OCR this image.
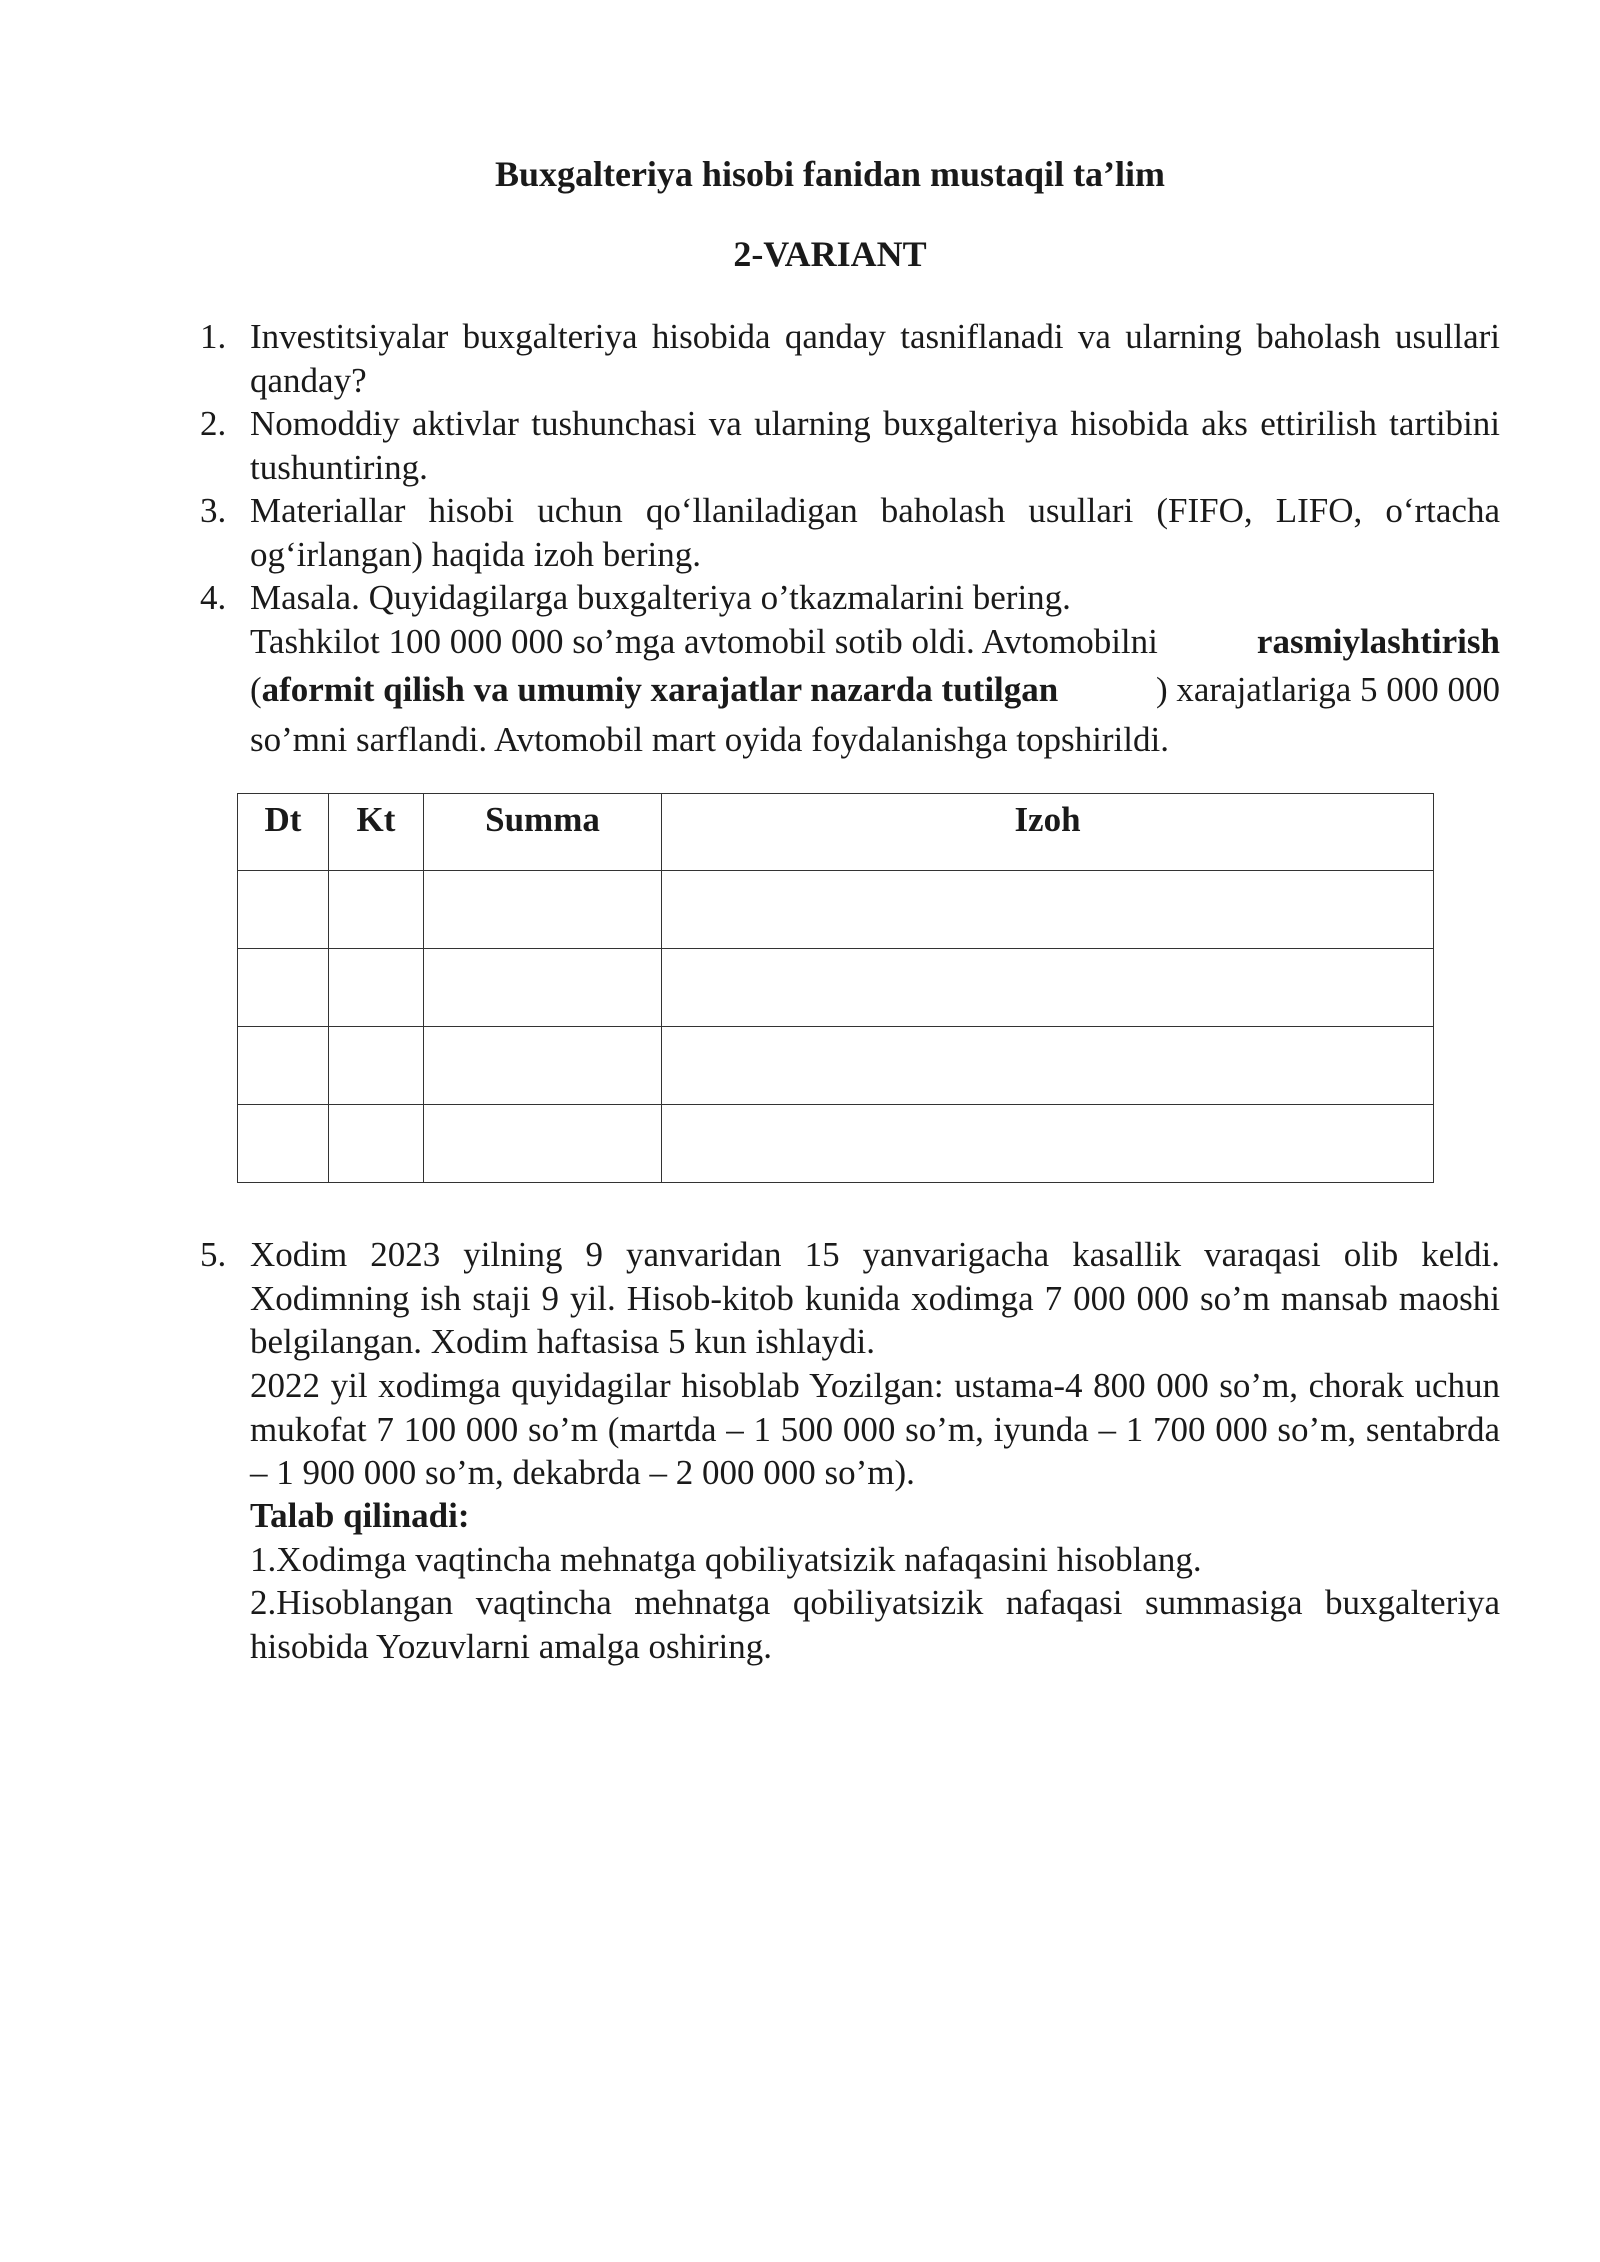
Buxgalteriya hisobi fanidan mustaqil ta’lim
2-VARIANT
1. Investitsiyalar buxgalteriya hisobida qanday tasniflanadi va ularning baholash usullari qanday?
2. Nomoddiy aktivlar tushunchasi va ularning buxgalteriya hisobida aks ettirilish tartibini tushuntiring.
3. Materiallar hisobi uchun qo‘llaniladigan baholash usullari (FIFO, LIFO, o‘rtacha og‘irlangan) haqida izoh bering.
4. Masala. Quyidagilarga buxgalteriya o’tkazmalarini bering.
Tashkilot 100 000 000 so’mga avtomobil sotib oldi. Avtomobilni	rasmiylashtirish
(aformit qilish va umumiy xarajatlar nazarda tutilgan	) xarajatlariga 5 000 000
so’mni sarflandi. Avtomobil mart oyida foydalanishga topshirildi.
Dt	Kt	Summa	Izoh

5. Xodim 2023 yilning 9 yanvaridan 15 yanvarigacha kasallik varaqasi olib keldi. Xodimning ish staji 9 yil. Hisob-kitob kunida xodimga 7 000 000 so’m mansab maoshi belgilangan. Xodim haftasisa 5 kun ishlaydi.
2022 yil xodimga quyidagilar hisoblab Yozilgan: ustama-4 800 000 so’m, chorak uchun mukofat 7 100 000 so’m (martda – 1 500 000 so’m, iyunda – 1 700 000 so’m, sentabrda – 1 900 000 so’m, dekabrda – 2 000 000 so’m).
Talab qilinadi:
1.Xodimga vaqtincha mehnatga qobiliyatsizik nafaqasini hisoblang.
2.Hisoblangan vaqtincha mehnatga qobiliyatsizik nafaqasi summasiga buxgalteriya hisobida Yozuvlarni amalga oshiring.
